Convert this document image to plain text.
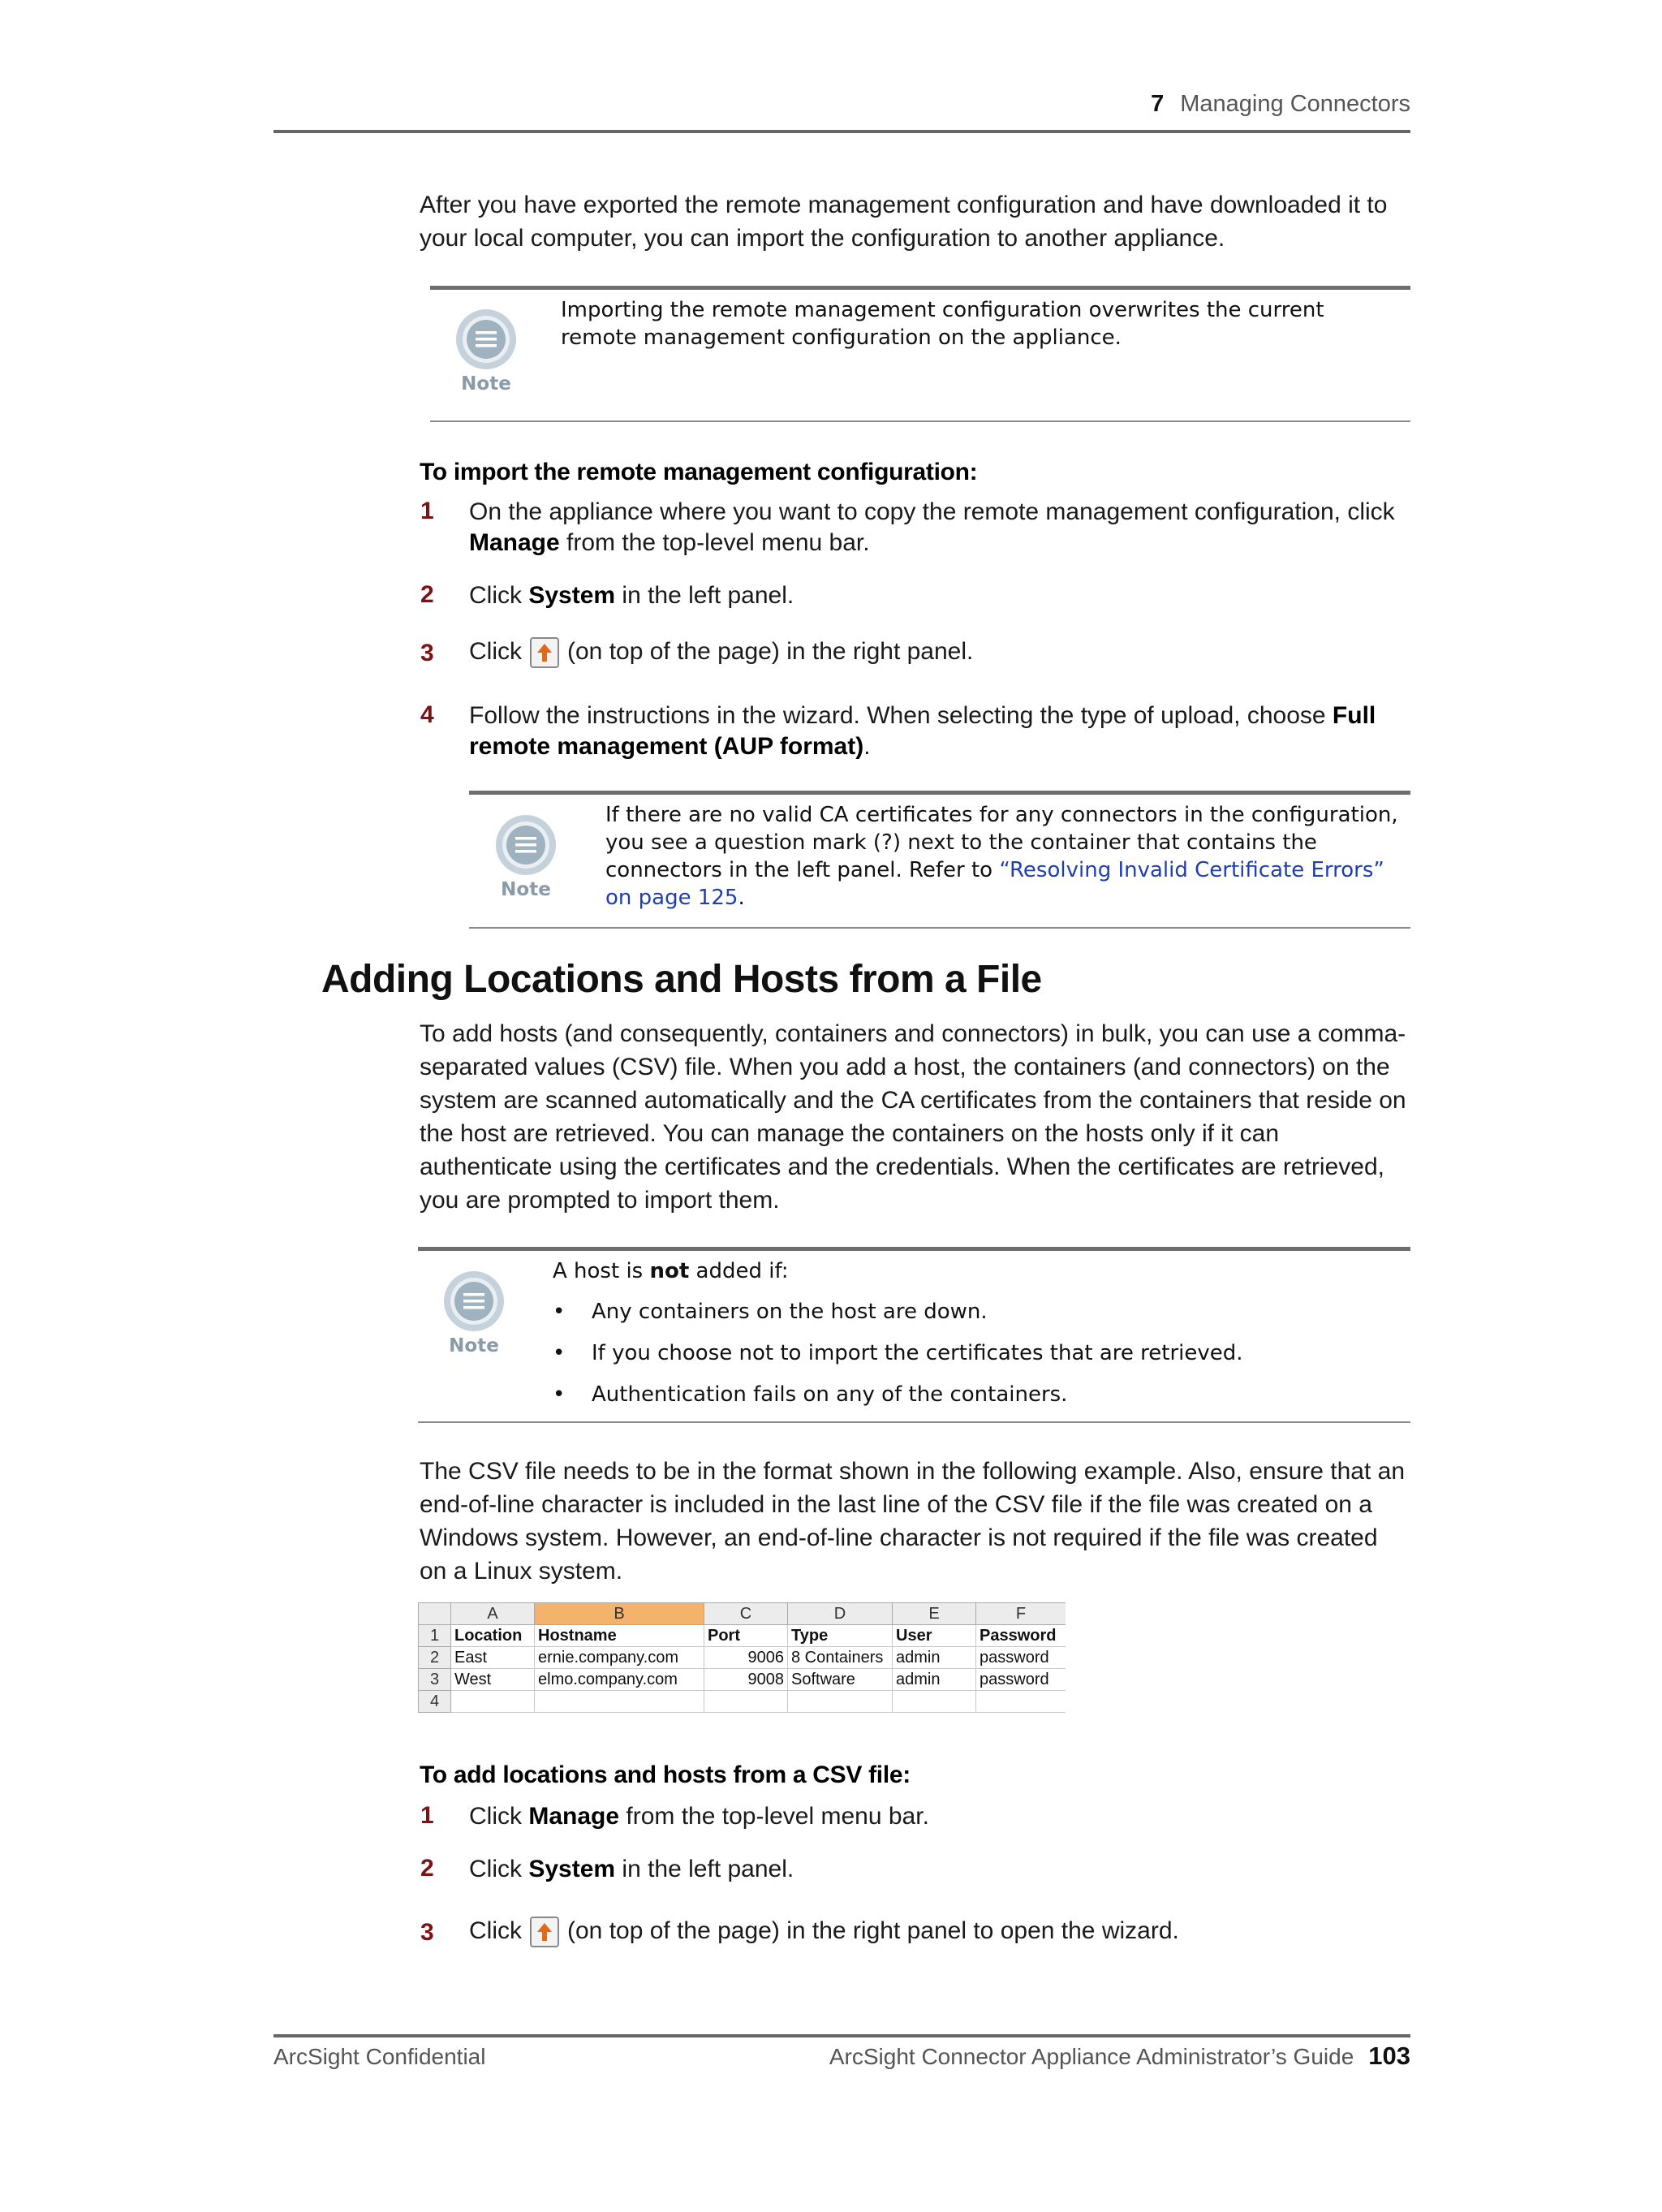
7 Managing Connectors
After you have exported the remote management configuration and have downloaded it to your local computer, you can import the configuration to another appliance.
Note
Importing the remote management configuration overwrites the current remote management configuration on the appliance.
To import the remote management configuration:
1 On the appliance where you want to copy the remote management configuration, click Manage from the top-level menu bar.
2 Click System in the left panel.
3 Click (on top of the page) in the right panel.
4 Follow the instructions in the wizard. When selecting the type of upload, choose Full remote management (AUP format).
Note
If there are no valid CA certificates for any connectors in the configuration, you see a question mark (?) next to the container that contains the connectors in the left panel. Refer to “Resolving Invalid Certificate Errors” on page 125.
Adding Locations and Hosts from a File
To add hosts (and consequently, containers and connectors) in bulk, you can use a comma-separated values (CSV) file. When you add a host, the containers (and connectors) on the system are scanned automatically and the CA certificates from the containers that reside on the host are retrieved. You can manage the containers on the hosts only if it can authenticate using the certificates and the credentials. When the certificates are retrieved, you are prompted to import them.
Note
A host is not added if:
• Any containers on the host are down.
• If you choose not to import the certificates that are retrieved.
• Authentication fails on any of the containers.
The CSV file needs to be in the format shown in the following example. Also, ensure that an end-of-line character is included in the last line of the CSV file if the file was created on a Windows system. However, an end-of-line character is not required if the file was created on a Linux system.
	A	B	C	D	E	F
1	Location	Hostname	Port	Type	User	Password
2	East	ernie.company.com	9006	8 Containers	admin	password
3	West	elmo.company.com	9008	Software	admin	password
4						
To add locations and hosts from a CSV file:
1 Click Manage from the top-level menu bar.
2 Click System in the left panel.
3 Click (on top of the page) in the right panel to open the wizard.
ArcSight Confidential	ArcSight Connector Appliance Administrator’s Guide 103
